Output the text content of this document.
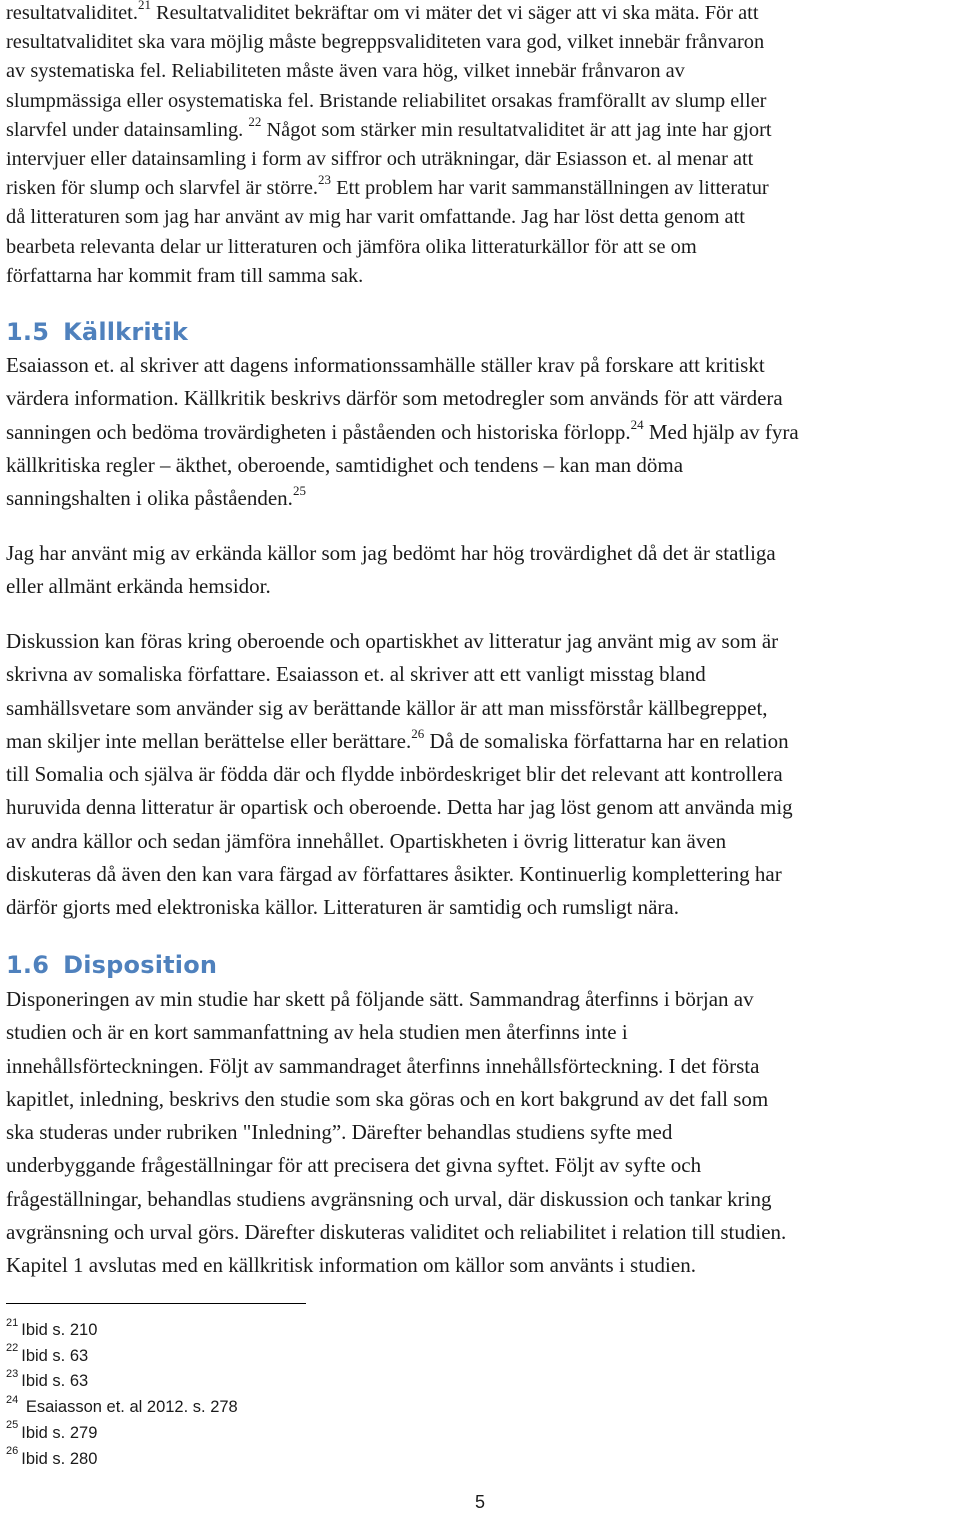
resultatvaliditet.$^{21}$ Resultatvaliditet bekräftar om vi mäter det vi säger att vi ska mäta. För att
resultatvaliditet ska vara möjlig måste begreppsvaliditeten vara god, vilket innebär frånvaron
av systematiska fel. Reliabiliteten måste även vara hög, vilket innebär frånvaron av
slumpmässiga eller osystematiska fel. Bristande reliabilitet orsakas framförallt av slump eller
slarvfel under datainsamling. $^{22}$ Något som stärker min resultatvaliditet är att jag inte har gjort
intervjuer eller datainsamling i form av siffror och uträkningar, där Esiasson et. al menar att
risken för slump och slarvfel är större.$^{23}$ Ett problem har varit sammanställningen av litteratur
då litteraturen som jag har använt av mig har varit omfattande. Jag har löst detta genom att
bearbeta relevanta delar ur litteraturen och jämföra olika litteraturkällor för att se om
författarna har kommit fram till samma sak.
1.5 Källkritik
Esaiasson et. al skriver att dagens informationssamhälle ställer krav på forskare att kritiskt
värdera information. Källkritik beskrivs därför som metodregler som används för att värdera
sanningen och bedöma trovärdigheten i påståenden och historiska förlopp.$^{24}$ Med hjälp av fyra
källkritiska regler – äkthet, oberoende, samtidighet och tendens – kan man döma
sanningshalten i olika påståenden.$^{25}$
Jag har använt mig av erkända källor som jag bedömt har hög trovärdighet då det är statliga
eller allmänt erkända hemsidor.
Diskussion kan föras kring oberoende och opartiskhet av litteratur jag använt mig av som är
skrivna av somaliska författare. Esaiasson et. al skriver att ett vanligt misstag bland
samhällsvetare som använder sig av berättande källor är att man missförstår källbegreppet,
man skiljer inte mellan berättelse eller berättare.$^{26}$ Då de somaliska författarna har en relation
till Somalia och själva är födda där och flydde inbördeskriget blir det relevant att kontrollera
huruvida denna litteratur är opartisk och oberoende. Detta har jag löst genom att använda mig
av andra källor och sedan jämföra innehållet. Opartiskheten i övrig litteratur kan även
diskuteras då även den kan vara färgad av författares åsikter. Kontinuerlig komplettering har
därför gjorts med elektroniska källor. Litteraturen är samtidig och rumsligt nära.
1.6 Disposition
Disponeringen av min studie har skett på följande sätt. Sammandrag återfinns i början av
studien och är en kort sammanfattning av hela studien men återfinns inte i
innehållsförteckningen. Följt av sammandraget återfinns innehållsförteckning. I det första
kapitlet, inledning, beskrivs den studie som ska göras och en kort bakgrund av det fall som
ska studeras under rubriken "Inledning”. Därefter behandlas studiens syfte med
underbyggande frågeställningar för att precisera det givna syftet. Följt av syfte och
frågeställningar, behandlas studiens avgränsning och urval, där diskussion och tankar kring
avgränsning och urval görs. Därefter diskuteras validitet och reliabilitet i relation till studien.
Kapitel 1 avslutas med en källkritisk information om källor som använts i studien.
$^{21}$ Ibid s. 210
$^{22}$ Ibid s. 63
$^{23}$ Ibid s. 63
$^{24}$ Esaiasson et. al 2012. s. 278
$^{25}$ Ibid s. 279
$^{26}$ Ibid s. 280
5
